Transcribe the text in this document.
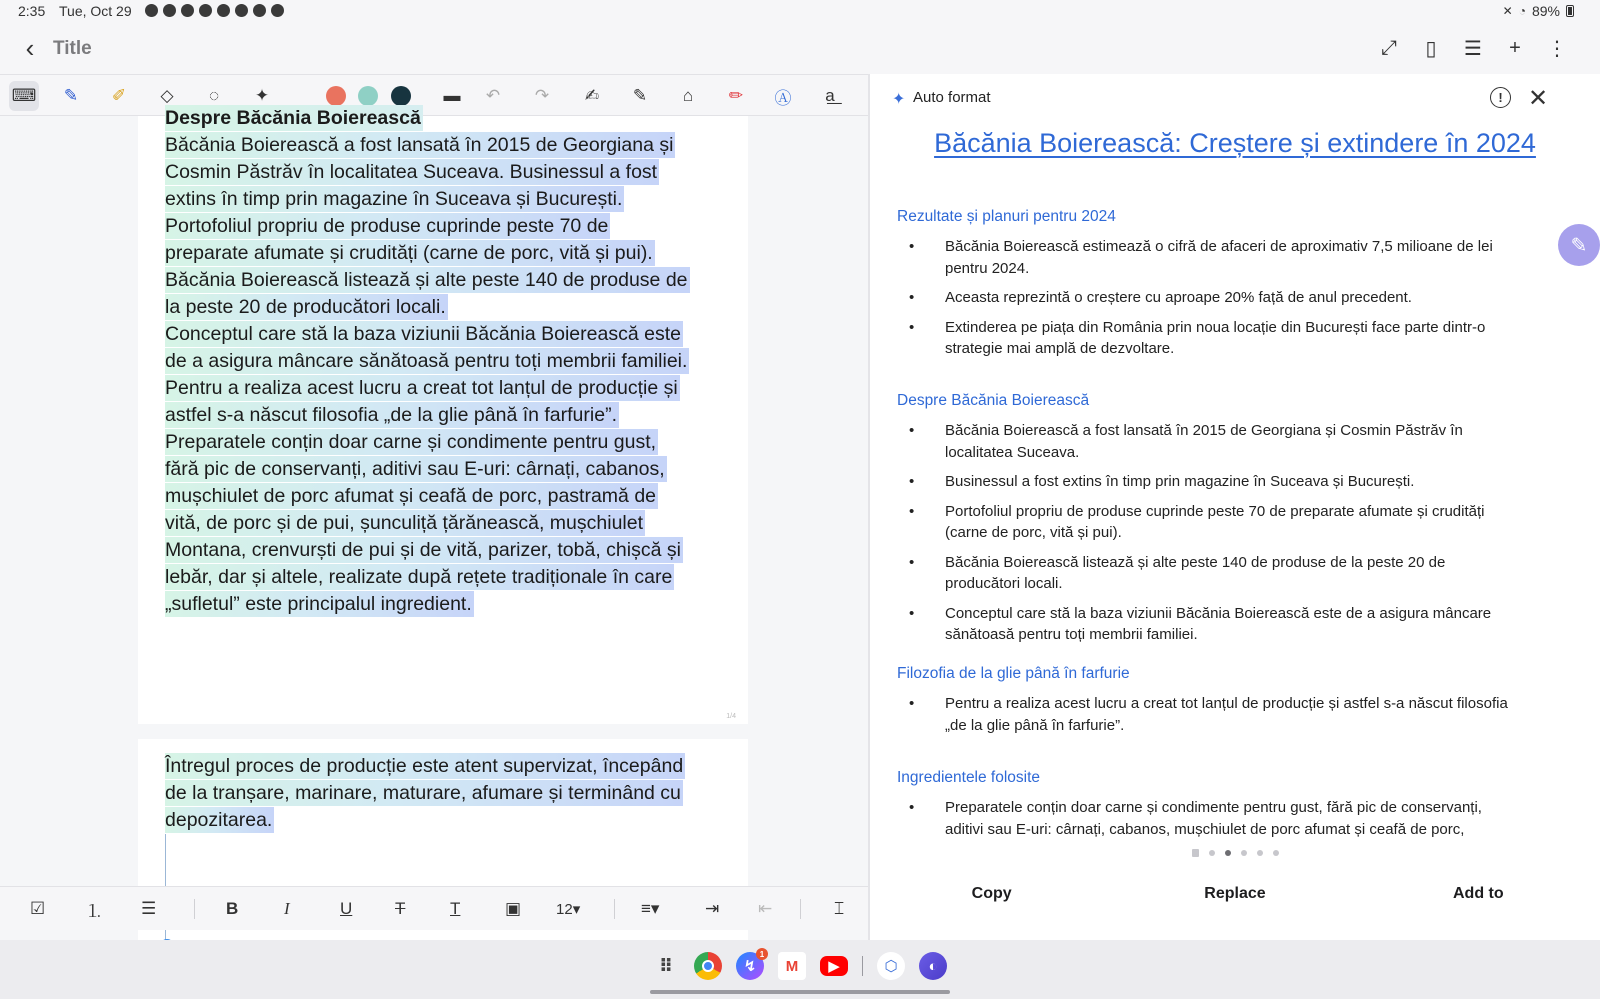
2:35 Tue, Oct 29	✕ ◔ 89%
‹ Title	⤢	▯	☰	+	⋮
⌨	✎	✐	◇	◌	✦	▬	↶	↷	✍	✎	⌂	✏	Ⓐ	a͟
Despre Băcănia Boierească
Băcănia Boierească a fost lansată în 2015 de Georgiana și
Cosmin Păstrăv în localitatea Suceava. Businessul a fost
extins în timp prin magazine în Suceava și București.
Portofoliul propriu de produse cuprinde peste 70 de
preparate afumate și crudități (carne de porc, vită și pui).
Băcănia Boierească listează și alte peste 140 de produse de
la peste 20 de producători locali.
Conceptul care stă la baza viziunii Băcănia Boierească este
de a asigura mâncare sănătoasă pentru toți membrii familiei.
Pentru a realiza acest lucru a creat tot lanțul de producție și
astfel s-a născut filosofia „de la glie până în farfurie”.
Preparatele conțin doar carne și condimente pentru gust,
fără pic de conservanți, aditivi sau E-uri: cârnați, cabanos,
mușchiulet de porc afumat și ceafă de porc, pastramă de
vită, de porc și de pui, șunculiță țărănească, mușchiulet
Montana, crenvurști de pui și de vită, parizer, tobă, chișcă și
lebăr, dar și altele, realizate după rețete tradiționale în care
„sufletul” este principalul ingredient.
1/4
Întregul proces de producție este atent supervizat, începând
de la tranșare, marinare, maturare, afumare și terminând cu
depozitarea.
☑ ⒈ ☰	B	I	U	T	T	▣ 12 ▾	≡▾	⇥ ⇤	⌶
✦ Auto format	!	✕
Băcănia Boierească: Creștere și extindere în 2024
Rezultate și planuri pentru 2024
• Băcănia Boierească estimează o cifră de afaceri de aproximativ 7,5 milioane de lei
pentru 2024.
• Aceasta reprezintă o creștere cu aproape 20% față de anul precedent.
• Extinderea pe piața din România prin noua locație din București face parte dintr-o
strategie mai amplă de dezvoltare.
Despre Băcănia Boierească
• Băcănia Boierească a fost lansată în 2015 de Georgiana și Cosmin Păstrăv în
localitatea Suceava.
• Businessul a fost extins în timp prin magazine în Suceava și București.
• Portofoliul propriu de produse cuprinde peste 70 de preparate afumate și crudități
(carne de porc, vită și pui).
• Băcănia Boierească listează și alte peste 140 de produse de la peste 20 de
producători locali.
• Conceptul care stă la baza viziunii Băcănia Boierească este de a asigura mâncare
sănătoasă pentru toți membrii familiei.
Filozofia de la glie până în farfurie
• Pentru a realiza acest lucru a creat tot lanțul de producție și astfel s-a născut filosofia
„de la glie până în farfurie”.
Ingredientele folosite
• Preparatele conțin doar carne și condimente pentru gust, fără pic de conservanți,
aditivi sau E-uri: cârnați, cabanos, mușchiulet de porc afumat și ceafă de porc,
Copy	Replace	Add to
✎
⠿	↯
1
M	▶	⬡	◐
